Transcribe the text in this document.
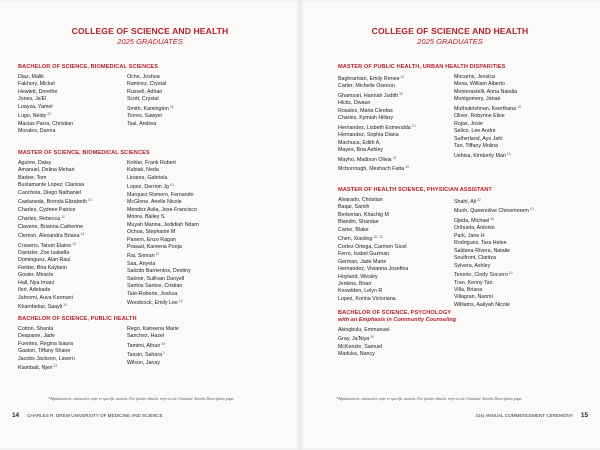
COLLEGE OF SCIENCE AND HEALTH
2025 GRADUATES
BACHELOR OF SCIENCE, BIOMEDICAL SCIENCES
Diaz, Malik
Fakhory, Mickel
Hewlett, Dorethe
Jones, Ja'El
Loayza, Yamel
Lugo, Neidy$^{22}$
Macias Parra, Christian
Morales, Danna
Oche, Joshua
Ramirez, Crystal
Russell, Adrian
Scott, Crystal
Smith, Kamington$^{16}$
Torres, Sawyer
Tsai, Andrea
MASTER OF SCIENCE, BIOMEDICAL SCIENCES
Aguirre, Daisy
Amanuel, Delina Mehari
Barber, Tom
Bustamante Lopez, Clarissa
Canchola, Diego Nathaniel
Castaneda, Brenda Elizabeth$^{10}$
Charles, Cydnee Patrice
Charles, Rebecca$^{10}$
Claverie, Brianna Catherine
Clemon, Alexandra Briana$^{14}$
Cravens, Tatum Elaine$^{10}$
Dantzler, Zoe Isabella
Dominguez, Alan Raul
Fielder, Bria Kaylann
Gosier, Miracle
Hall, Nya Imani
Ilori, Adebade
Jahromi, Auva Kermani
Khambekar, Saayli$^{10}$
Kohler, Frank Robert
Kubiak, Neda
Linares, Gabriela
Lopez, Derrion Jg$^{10}$
Marquez Romero, Fernando
McGlone, Arielle Nicole
Mendez Avila, Jose Francisco
Moore, Bailey S.
Muyah Manna, Jedidiah Ndam
Ochoa, Stephanie M
Panem, Enzo Ragan
Prasad, Kareena Pooja
Rai, Simran$^{10}$
Saa, Anyela
Salcido Barrientos, Destiny
Salone, Sullivan Danyell
Santos Santos, Cristian
Tate-Roberts, Joshua
Woodcock, Emily Lee$^{10}$
BACHELOR OF SCIENCE, PUBLIC HEALTH
Cotton, Shanta
Despanie, Jade
Fuentes, Regina Isaura
Gaston, Tiffany Shane
Jacobs Jackson, Lavern
Kiambati, Njeri$^{22}$
Rego, Katreena Marie
Sanchez, Hazel
Tamimi, Afnan$^{20}$
Tassin, Sahara$^1$
Wilson, Janay
*Alphanumeric characters refer to specific awards. For further details, refer to the Graduate Awards Description page.
14 CHARLES R. DREW UNIVERSITY OF MEDICINE AND SCIENCE
COLLEGE OF SCIENCE AND HEALTH
2025 GRADUATES
MASTER OF PUBLIC HEALTH, URBAN HEALTH DISPARITIES
Baghramian, Emily Renee$^{10}$
Carter, Michelle Oseeun
Ghamsari, Hannah Judith$^{10}$
Hicks, Dwaun
Rosales, Maria Cleofas
Charles, Kymiah Hillary
Hernandez, Lisbeth Esmeralda$^{10}$
Hernandez, Sophia Diana
Machuca, Edith A.
Mayes, Bria Ashley
Mayho, Madison Olivia$^{22}$
Mcborrough, Meshach Fatta$^{10}$
Mocarns, Jessica
Mesa, William Alberto
Monterastelli, Anna Natalia
Montgomery, Janaé
Muthukrishnan, Keerthana$^{10}$
Oliver, Robynne Elise
Rojas, Josie
Selico, Lee Andre
Sutherland, Ayo Jahi
Tan, Tiffany Molina
Uehisa, Kimberly Mari$^{10}$
MASTER OF HEALTH SCIENCE, PHYSICIAN ASSISTANT
Alvarado, Christian
Baqai, Samih
Berberian, Khachig M
Blandin, Shardae
Carter, Blake
Chen, Xiaoling$^{10, 22}$
Cortez Ortega, Carmen Gicel
Ferro, Isabel Guzman
German, Jade Marie
Hernandez, Vivianna Josefina
Hoyland, Wesley
Jenkins, Brian
Knowlden, Lelyn R
Lopez, Korina Victoriana
Shahi, Ali$^{22}$
Muoh, Queenolive Chinemerem$^{10}$
Ojeda, Michael$^{10}$
Orihuela, Antonio
Park, Jane H
Rodrigues, Tara Helen
Saldana-Rivera, Natalie
Soulfront, Claritza
Sylvera, Ashley
Tenorio, Cindy Socorro$^{10}$
Tran, Kenny Tan
Villa, Briana
Villagran, Naomi
Williams, Aaliyah Nicole
BACHELOR OF SCIENCE, PSYCHOLOGY
with an Emphasis in Community Counseling
Akingbulu, Emmanuel
Gray, Ja'Niya$^{20}$
McKenzie, Samuel
Maduka, Nancy
*Alphanumeric characters refer to specific awards. For further details, refer to the Graduate Awards Description page.
41st ANNUAL COMMENCEMENT CEREMONY 15
